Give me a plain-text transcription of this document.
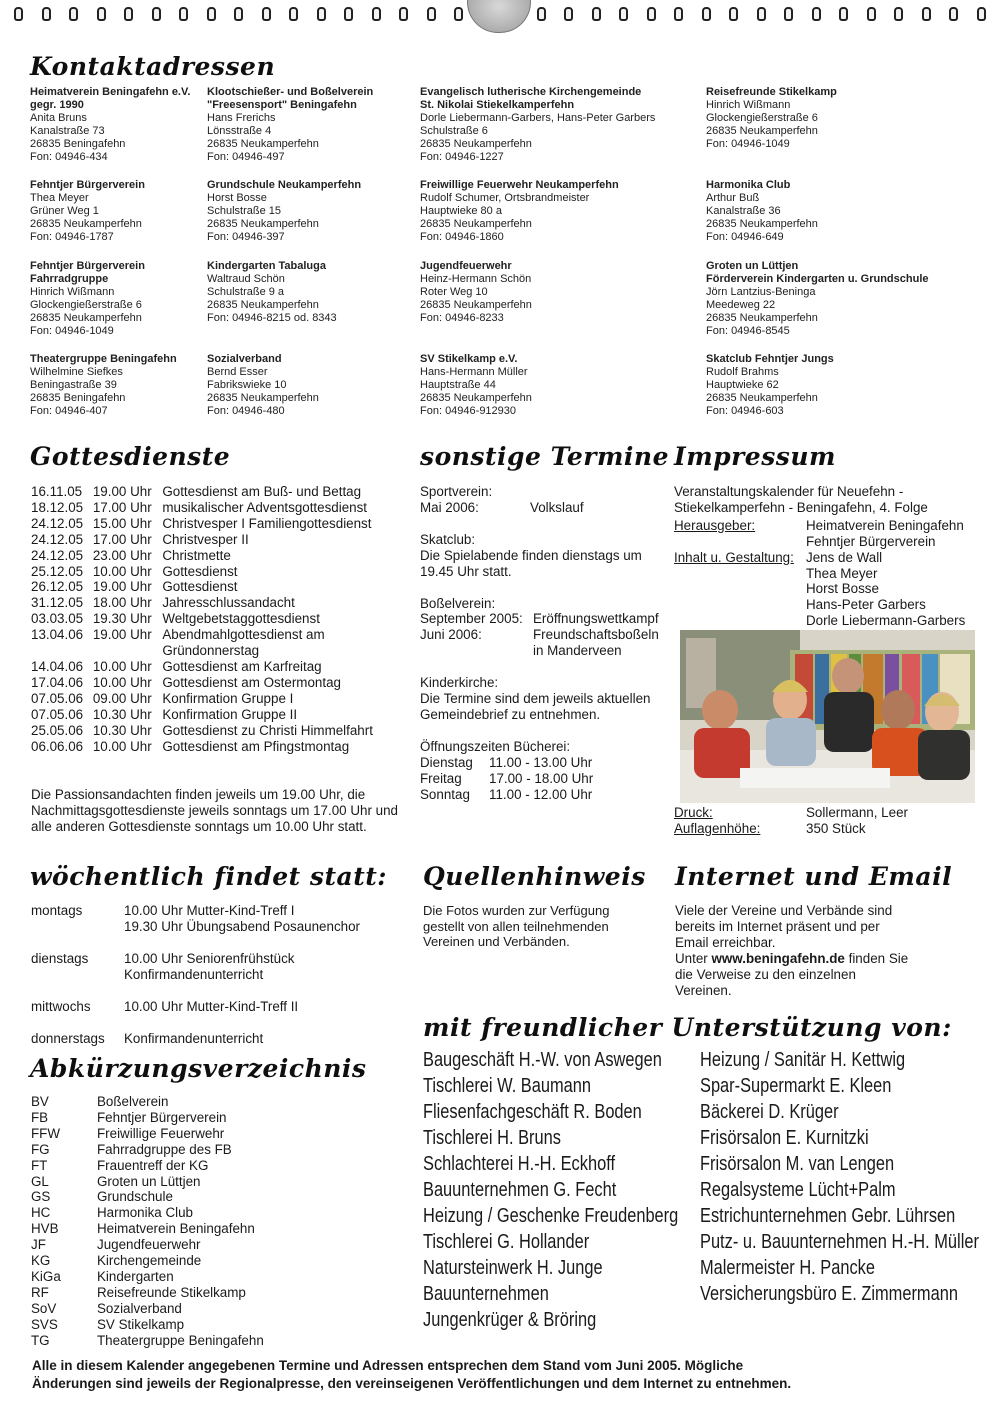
Kontaktadressen
Heimatverein Beningafehn e.V.
gegr. 1990
Anita Bruns
Kanalstraße 73
26835 Beningafehn
Fon: 04946-434
Klootschießer- und Boßelverein
"Freesensport" Beningafehn
Hans Frerichs
Lönsstraße 4
26835 Neukamperfehn
Fon: 04946-497
Evangelisch lutherische Kirchengemeinde
St. Nikolai Stiekelkamperfehn
Dorle Liebermann-Garbers, Hans-Peter Garbers
Schulstraße 6
26835 Neukamperfehn
Fon: 04946-1227
Reisefreunde Stikelkamp
Hinrich Wißmann
Glockengießerstraße 6
26835 Neukamperfehn
Fon: 04946-1049
Fehntjer Bürgerverein
Thea Meyer
Grüner Weg 1
26835 Neukamperfehn
Fon: 04946-1787
Grundschule Neukamperfehn
Horst Bosse
Schulstraße 15
26835 Neukamperfehn
Fon: 04946-397
Freiwillige Feuerwehr Neukamperfehn
Rudolf Schumer, Ortsbrandmeister
Hauptwieke 80 a
26835 Neukamperfehn
Fon: 04946-1860
Harmonika Club
Arthur Buß
Kanalstraße 36
26835 Neukamperfehn
Fon: 04946-649
Fehntjer Bürgerverein
Fahrradgruppe
Hinrich Wißmann
Glockengießerstraße 6
26835 Neukamperfehn
Fon: 04946-1049
Kindergarten Tabaluga
Waltraud Schön
Schulstraße 9 a
26835 Neukamperfehn
Fon: 04946-8215 od. 8343
Jugendfeuerwehr
Heinz-Hermann Schön
Roter Weg 10
26835 Neukamperfehn
Fon: 04946-8233
Groten un Lüttjen
Förderverein Kindergarten u. Grundschule
Jörn Lantzius-Beninga
Meedeweg 22
26835 Neukamperfehn
Fon: 04946-8545
Theatergruppe Beningafehn
Wilhelmine Siefkes
Beningastraße 39
26835 Beningafehn
Fon: 04946-407
Sozialverband
Bernd Esser
Fabrikswieke 10
26835 Neukamperfehn
Fon: 04946-480
SV Stikelkamp e.V.
Hans-Hermann Müller
Hauptstraße 44
26835 Neukamperfehn
Fon: 04946-912930
Skatclub Fehntjer Jungs
Rudolf Brahms
Hauptwieke 62
26835 Neukamperfehn
Fon: 04946-603
Gottesdienste
16.11.05	19.00 Uhr	Gottesdienst am Buß- und Bettag
18.12.05	17.00 Uhr	musikalischer Adventsgottesdienst
24.12.05	15.00 Uhr	Christvesper I Familiengottesdienst
24.12.05	17.00 Uhr	Christvesper II
24.12.05	23.00 Uhr	Christmette
25.12.05	10.00 Uhr	Gottesdienst
26.12.05	19.00 Uhr	Gottesdienst
31.12.05	18.00 Uhr	Jahresschlussandacht
03.03.05	19.30 Uhr	Weltgebetstaggottesdienst
13.04.06	19.00 Uhr	Abendmahlgottesdienst am Gründonnerstag
14.04.06	10.00 Uhr	Gottesdienst am Karfreitag
17.04.06	10.00 Uhr	Gottesdienst am Ostermontag
07.05.06	09.00 Uhr	Konfirmation Gruppe I
07.05.06	10.30 Uhr	Konfirmation Gruppe II
25.05.06	10.30 Uhr	Gottesdienst zu Christi Himmelfahrt
06.06.06	10.00 Uhr	Gottesdienst am Pfingstmontag
Die Passionsandachten finden jeweils um 19.00 Uhr, die Nachmittagsgottesdienste jeweils sonntags um 17.00 Uhr und alle anderen Gottesdienste sonntags um 10.00 Uhr statt.
sonstige Termine
Sportverein:
Mai 2006:	Volkslauf
Skatclub:
Die Spielabende finden dienstags um 19.45 Uhr statt.
Boßelverein:
September 2005:	Eröffnungswettkampf
Juni 2006:	Freundschaftsboßeln in Manderveen
Kinderkirche:
Die Termine sind dem jeweils aktuellen Gemeindebrief zu entnehmen.
Öffnungszeiten Bücherei:
Dienstag	11.00 - 13.00 Uhr
Freitag	17.00 - 18.00 Uhr
Sonntag	11.00 - 12.00 Uhr
Impressum
Veranstaltungskalender für Neuefehn - Stiekelkamperfehn - Beningafehn, 4. Folge
Herausgeber:	Heimatverein Beningafehn
Fehntjer Bürgerverein
Inhalt u. Gestaltung: Jens de Wall
Thea Meyer
Horst Bosse
Hans-Peter Garbers
Dorle Liebermann-Garbers
Druck:	Sollermann, Leer
Auflagenhöhe:	350 Stück
wöchentlich findet statt:
montags	10.00 Uhr Mutter-Kind-Treff I
19.30 Uhr Übungsabend Posaunenchor
dienstags	10.00 Uhr Seniorenfrühstück
Konfirmandenunterricht
mittwochs	10.00 Uhr Mutter-Kind-Treff II
donnerstags	Konfirmandenunterricht
Quellenhinweis
Die Fotos wurden zur Verfügung gestellt von allen teilnehmenden Vereinen und Verbänden.
Internet und Email
Viele der Vereine und Verbände sind bereits im Internet präsent und per Email erreichbar.
Unter www.beningafehn.de finden Sie die Verweise zu den einzelnen Vereinen.
mit freundlicher Unterstützung von:
Baugeschäft H.-W. von Aswegen
Tischlerei W. Baumann
Fliesenfachgeschäft R. Boden
Tischlerei H. Bruns
Schlachterei H.-H. Eckhoff
Bauunternehmen G. Fecht
Heizung / Geschenke Freudenberg
Tischlerei G. Hollander
Natursteinwerk H. Junge
Bauunternehmen
Jungenkrüger & Bröring
Heizung / Sanitär H. Kettwig
Spar-Supermarkt E. Kleen
Bäckerei D. Krüger
Frisörsalon E. Kurnitzki
Frisörsalon M. van Lengen
Regalsysteme Lücht+Palm
Estrichunternehmen Gebr. Lührsen
Putz- u. Bauunternehmen H.-H. Müller
Malermeister H. Pancke
Versicherungsbüro E. Zimmermann
Abkürzungsverzeichnis
BV	Boßelverein
FB	Fehntjer Bürgerverein
FFW	Freiwillige Feuerwehr
FG	Fahrradgruppe des FB
FT	Frauentreff der KG
GL	Groten un Lüttjen
GS	Grundschule
HC	Harmonika Club
HVB	Heimatverein Beningafehn
JF	Jugendfeuerwehr
KG	Kirchengemeinde
KiGa	Kindergarten
RF	Reisefreunde Stikelkamp
SoV	Sozialverband
SVS	SV Stikelkamp
TG	Theatergruppe Beningafehn
Alle in diesem Kalender angegebenen Termine und Adressen entsprechen dem Stand vom Juni 2005. Mögliche
Änderungen sind jeweils der Regionalpresse, den vereinseigenen Veröffentlichungen und dem Internet zu entnehmen.
